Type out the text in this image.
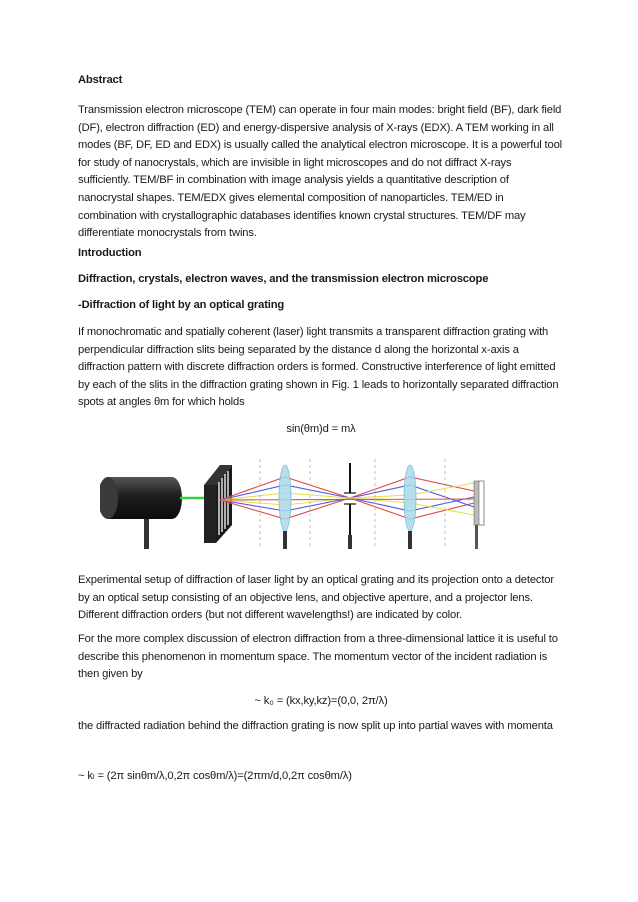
Abstract
Transmission electron microscope (TEM) can operate in four main modes: bright field (BF), dark field (DF), electron diffraction (ED) and energy-dispersive analysis of X-rays (EDX). A TEM working in all modes (BF, DF, ED and EDX) is usually called the analytical electron microscope. It is a powerful tool for study of nanocrystals, which are invisible in light microscopes and do not diffract X-rays sufficiently. TEM/BF in combination with image analysis yields a quantitative description of nanocrystal shapes. TEM/EDX gives elemental composition of nanoparticles. TEM/ED in combination with crystallographic databases identifies known crystal structures. TEM/DF may differentiate monocrystals from twins.
Introduction
Diffraction, crystals, electron waves, and the transmission electron microscope
-Diffraction of light by an optical grating
If monochromatic and spatially coherent (laser) light transmits a transparent diffraction grating with perpendicular diffraction slits being separated by the distance d along the horizontal x-axis a diffraction pattern with discrete diffraction orders is formed. Constructive interference of light emitted by each of the slits in the diffraction grating shown in Fig. 1 leads to horizontally separated diffraction spots at angles θm for which holds
sin(θm)d = mλ
Experimental setup of diffraction of laser light by an optical grating and its projection onto a detector by an optical setup consisting of an objective lens, and objective aperture, and a projector lens. Different diffraction orders (but not different wavelengths!) are indicated by color.
For the more complex discussion of electron diffraction from a three-dimensional lattice it is useful to describe this phenomenon in momentum space. The momentum vector of the incident radiation is then given by
~ k₀ = (kx,ky,kz)=(0,0, 2π/λ)
the diffracted radiation behind the diffraction grating is now split up into partial waves with momenta
~ kₗ = (2π sinθm/λ,0,2π cosθm/λ)=(2πm/d,0,2π cosθm/λ)
